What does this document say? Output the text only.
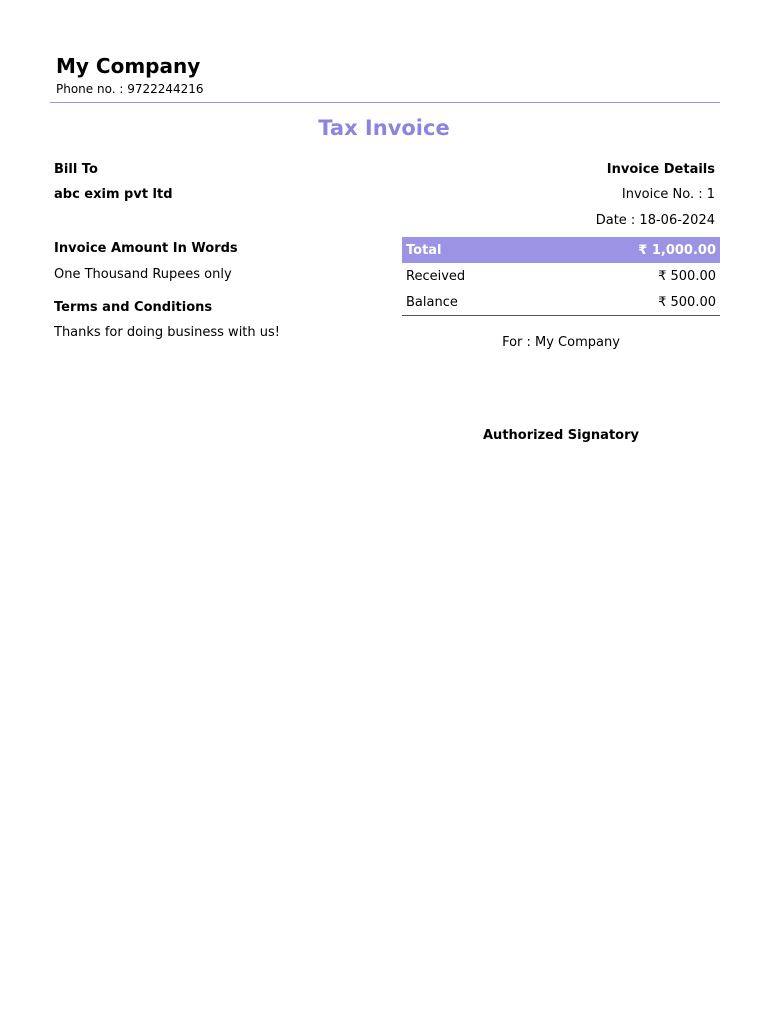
My Company
Phone no. : 9722244216
Tax Invoice
Bill To
abc exim pvt ltd
Invoice Details
Invoice No. : 1
Date : 18-06-2024
Invoice Amount In Words
One Thousand Rupees only
Terms and Conditions
Thanks for doing business with us!
Total	₹ 1,000.00
Received	₹ 500.00
Balance	₹ 500.00
For : My Company
Authorized Signatory
